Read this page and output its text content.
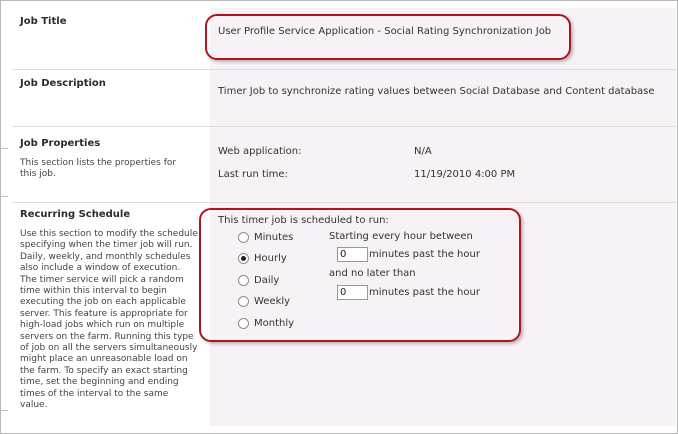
Job Title
User Profile Service Application - Social Rating Synchronization Job
Job Description
Timer Job to synchronize rating values between Social Database and Content database
Job Properties
This section lists the properties for this job.
Web application:	N/A
Last run time:	11/19/2010 4:00 PM
Recurring Schedule
Use this section to modify the schedule specifying when the timer job will run. Daily, weekly, and monthly schedules also include a window of execution. The timer service will pick a random time within this interval to begin executing the job on each applicable server. This feature is appropriate for high-load jobs which run on multiple servers on the farm. Running this type of job on all the servers simultaneously might place an unreasonable load on the farm. To specify an exact starting time, set the beginning and ending times of the interval to the same value.
This timer job is scheduled to run:
Minutes
Hourly
Daily
Weekly
Monthly
Starting every hour between
0
minutes past the hour
and no later than
0
minutes past the hour
